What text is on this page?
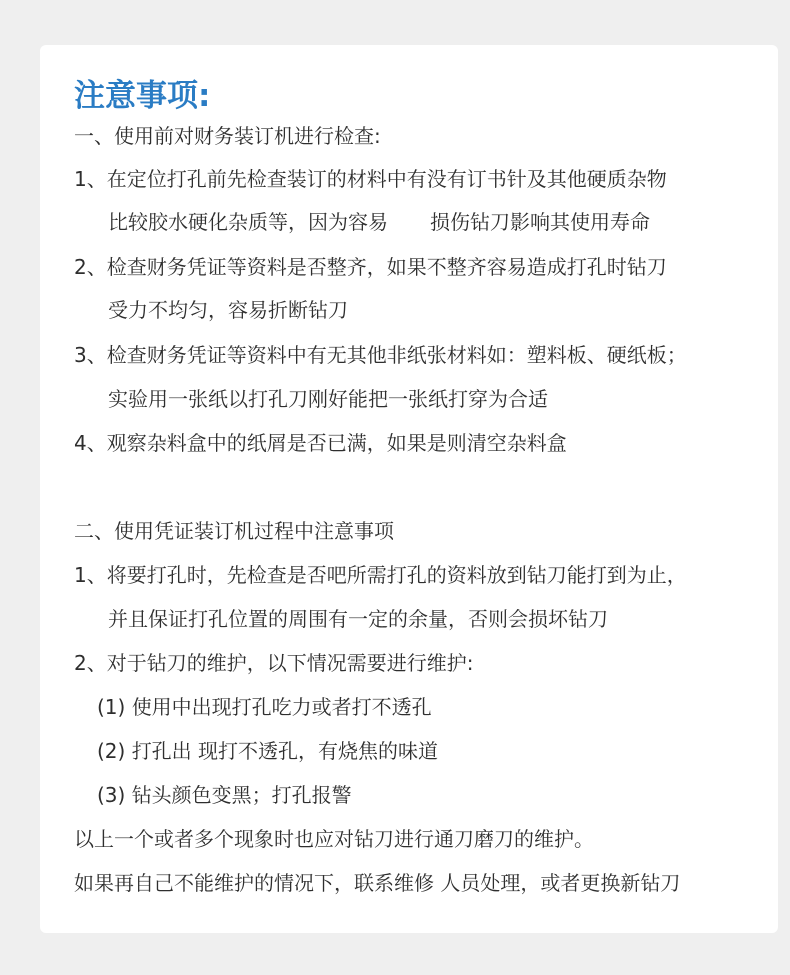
注意事项:
一、使用前对财务装订机进行检查:
1、在定位打孔前先检查装订的材料中有没有订书针及其他硬质杂物
比较胶水硬化杂质等，因为容易 损伤钻刀影响其使用寿命
2、检查财务凭证等资料是否整齐，如果不整齐容易造成打孔时钻刀
受力不均匀，容易折断钻刀
3、检查财务凭证等资料中有无其他非纸张材料如：塑料板、硬纸板；
实验用一张纸以打孔刀刚好能把一张纸打穿为合适
4、观察杂料盒中的纸屑是否已满，如果是则清空杂料盒
二、使用凭证装订机过程中注意事项
1、将要打孔时，先检查是否吧所需打孔的资料放到钻刀能打到为止，
并且保证打孔位置的周围有一定的余量，否则会损坏钻刀
2、对于钻刀的维护，以下情况需要进行维护:
(1) 使用中出现打孔吃力或者打不透孔
(2) 打孔出 现打不透孔，有烧焦的味道
(3) 钻头颜色变黑；打孔报警
以上一个或者多个现象时也应对钻刀进行通刀磨刀的维护。
如果再自己不能维护的情况下，联系维修 人员处理，或者更换新钻刀
